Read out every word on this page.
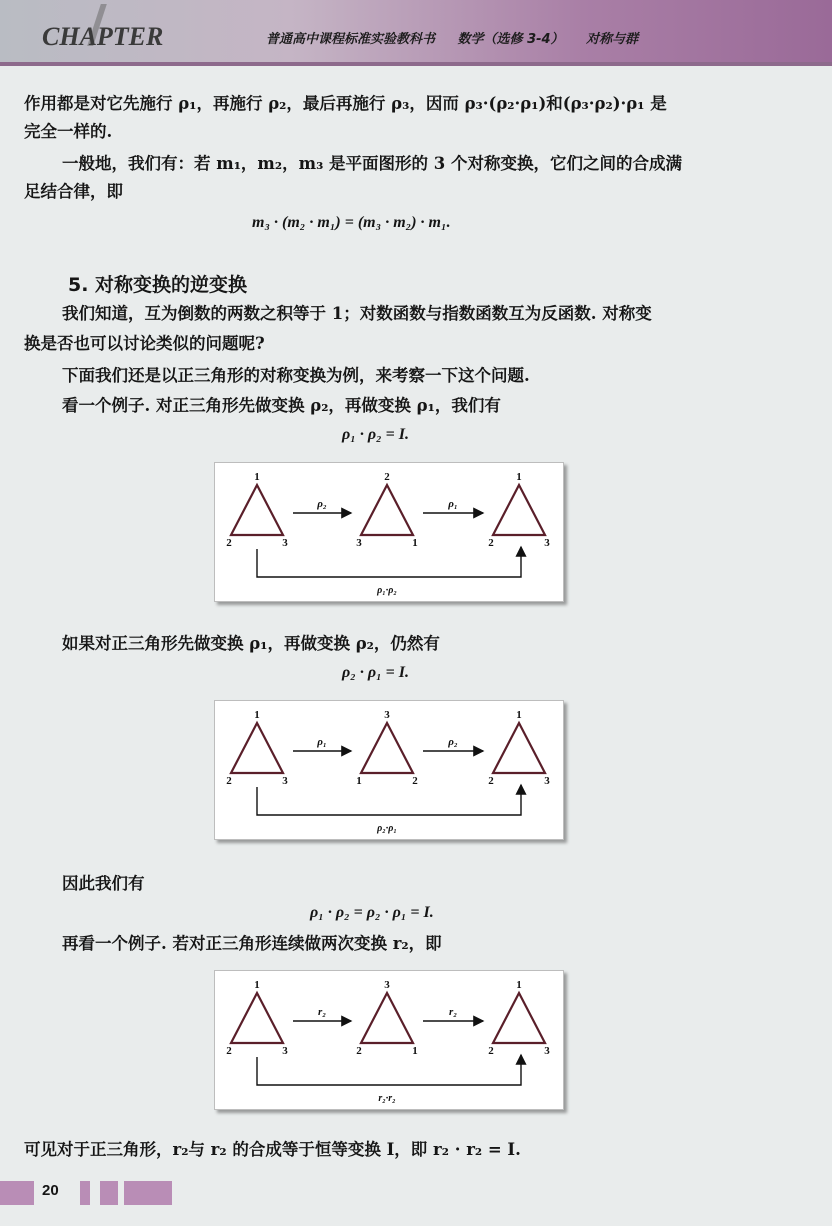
CHAPTER	普通高中课程标准实验教科书 数学（选修 3-4） 对称与群
作用都是对它先施行 ρ₁，再施行 ρ₂，最后再施行 ρ₃，因而 ρ₃·(ρ₂·ρ₁)和(ρ₃·ρ₂)·ρ₁ 是
完全一样的.
一般地，我们有：若 m₁，m₂，m₃ 是平面图形的 3 个对称变换，它们之间的合成满
足结合律，即
m₃ · (m₂ · m₁) = (m₃ · m₂) · m₁.
5. 对称变换的逆变换
我们知道，互为倒数的两数之积等于 1；对数函数与指数函数互为反函数. 对称变
换是否也可以讨论类似的问题呢?
下面我们还是以正三角形的对称变换为例，来考察一下这个问题.
看一个例子. 对正三角形先做变换 ρ₂，再做变换 ρ₁，我们有
ρ₁ · ρ₂ = I.
1
2	3
2
3	1
1
2	3
ρ₂	ρ₁
ρ₁·ρ₂
如果对正三角形先做变换 ρ₁，再做变换 ρ₂，仍然有
ρ₂ · ρ₁ = I.
1
2	3
3
1	2
1
2	3
ρ₁	ρ₂
ρ₂·ρ₁
因此我们有
ρ₁ · ρ₂ = ρ₂ · ρ₁ = I.
再看一个例子. 若对正三角形连续做两次变换 r₂，即
1
2	3
3
2	1
1
2	3
r₂	r₂
r₂·r₂
可见对于正三角形，r₂与 r₂ 的合成等于恒等变换 I，即 r₂ · r₂ = I.
20
